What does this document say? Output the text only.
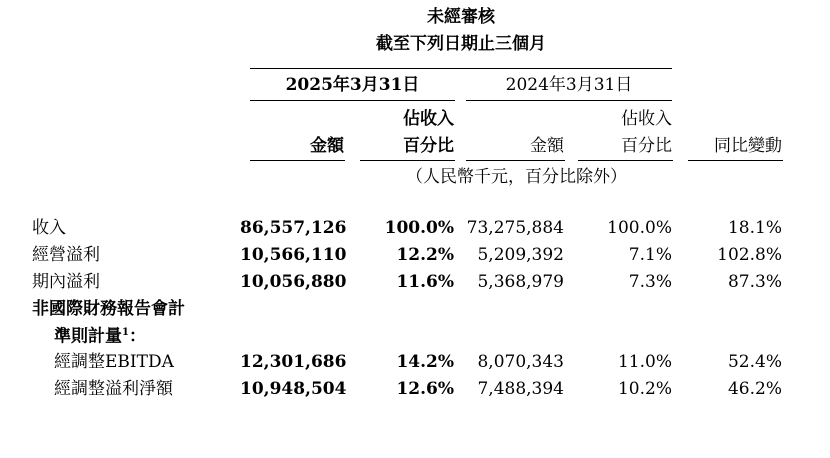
未經審核
截至下列日期止三個月
2025年3月31日	2024年3月31日
金額
佔收入
百分比	金額
佔收入
百分比	同比變動
（人民幣千元，百分比除外）
收入	86,557,126	100.0% 73,275,884	100.0%	18.1%
經營溢利	10,566,110	12.2%	5,209,392	7.1%	102.8%
期內溢利	10,056,880	11.6%	5,368,979	7.3%	87.3%
非國際財務報告會計
準則計量$^1$：
經調整EBITDA	12,301,686	14.2%	8,070,343	11.0%	52.4%
經調整溢利淨額	10,948,504	12.6%	7,488,394	10.2%	46.2%
